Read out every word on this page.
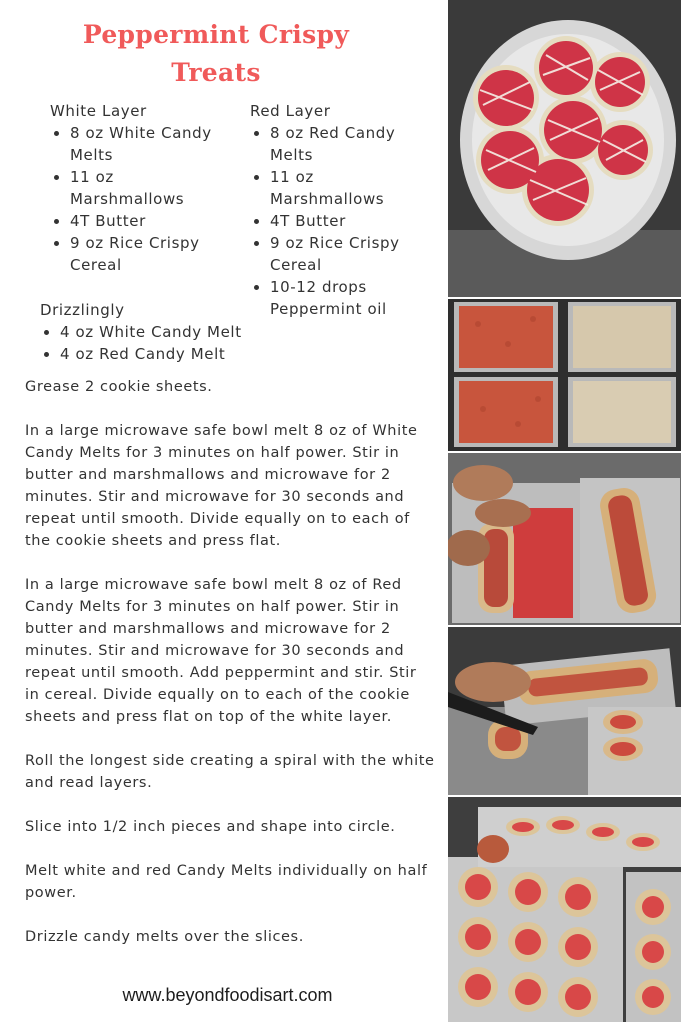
Peppermint Crispy
Treats
White Layer
8 oz White Candy Melts
11 oz Marshmallows
4T Butter
9 oz Rice Crispy Cereal
Red Layer
8 oz Red Candy Melts
11 oz Marshmallows
4T Butter
9 oz Rice Crispy Cereal
10-12 drops Peppermint oil
Drizzlingly
4 oz White Candy Melt
4 oz Red Candy Melt

Grease 2 cookie sheets.

In a large microwave safe bowl melt 8 oz of White Candy Melts for 3 minutes on half power. Stir in butter and marshmallows and microwave for 2 minutes. Stir and microwave for 30 seconds and repeat until smooth. Divide equally on to each of the cookie sheets and press flat.

In a large microwave safe bowl melt 8 oz of Red Candy Melts for 3 minutes on half power. Stir in butter and marshmallows and microwave for 2 minutes. Stir and microwave for 30 seconds and repeat until smooth. Add peppermint and stir. Stir in cereal. Divide equally on to each of the cookie sheets and press flat on top of the white layer.

Roll the longest side creating a spiral with the white and read layers.

Slice into 1/2 inch pieces and shape into circle.

Melt white and red Candy Melts individually on half power.

Drizzle candy melts over the slices.

www.beyondfoodisart.com
